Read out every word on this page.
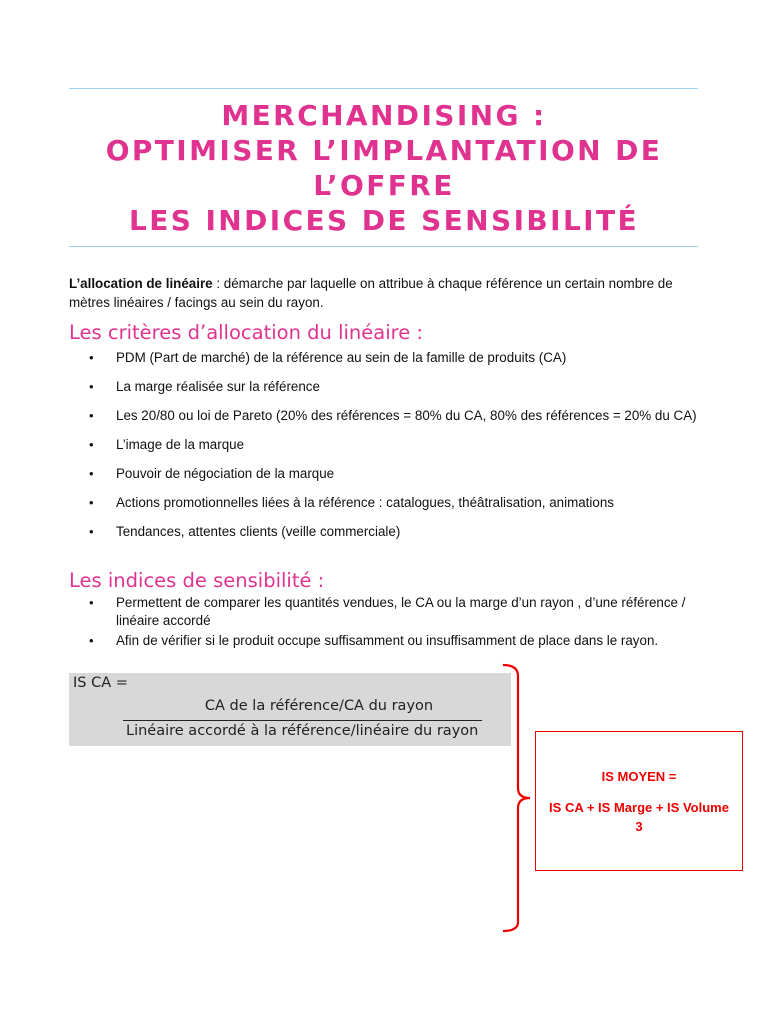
MERCHANDISING :
OPTIMISER L’IMPLANTATION DE
L’OFFRE
LES INDICES DE SENSIBILITÉ

L’allocation de linéaire : démarche par laquelle on attribue à chaque référence un certain nombre de mètres linéaires / facings au sein du rayon.

Les critères d’allocation du linéaire :
• PDM (Part de marché) de la référence au sein de la famille de produits (CA)
• La marge réalisée sur la référence
• Les 20/80 ou loi de Pareto (20% des références = 80% du CA, 80% des références = 20% du CA)
• L’image de la marque
• Pouvoir de négociation de la marque
• Actions promotionnelles liées à la référence : catalogues, théâtralisation, animations
• Tendances, attentes clients (veille commerciale)
Les indices de sensibilité :
• Permettent de comparer les quantités vendues, le CA ou la marge d’un rayon , d’une référence / linéaire accordé
• Afin de vérifier si le produit occupe suffisamment ou insuffisamment de place dans le rayon.
IS CA =
CA de la référence/CA du rayon
Linéaire accordé à la référence/linéaire du rayon
IS MOYEN =
IS CA + IS Marge + IS Volume
3
